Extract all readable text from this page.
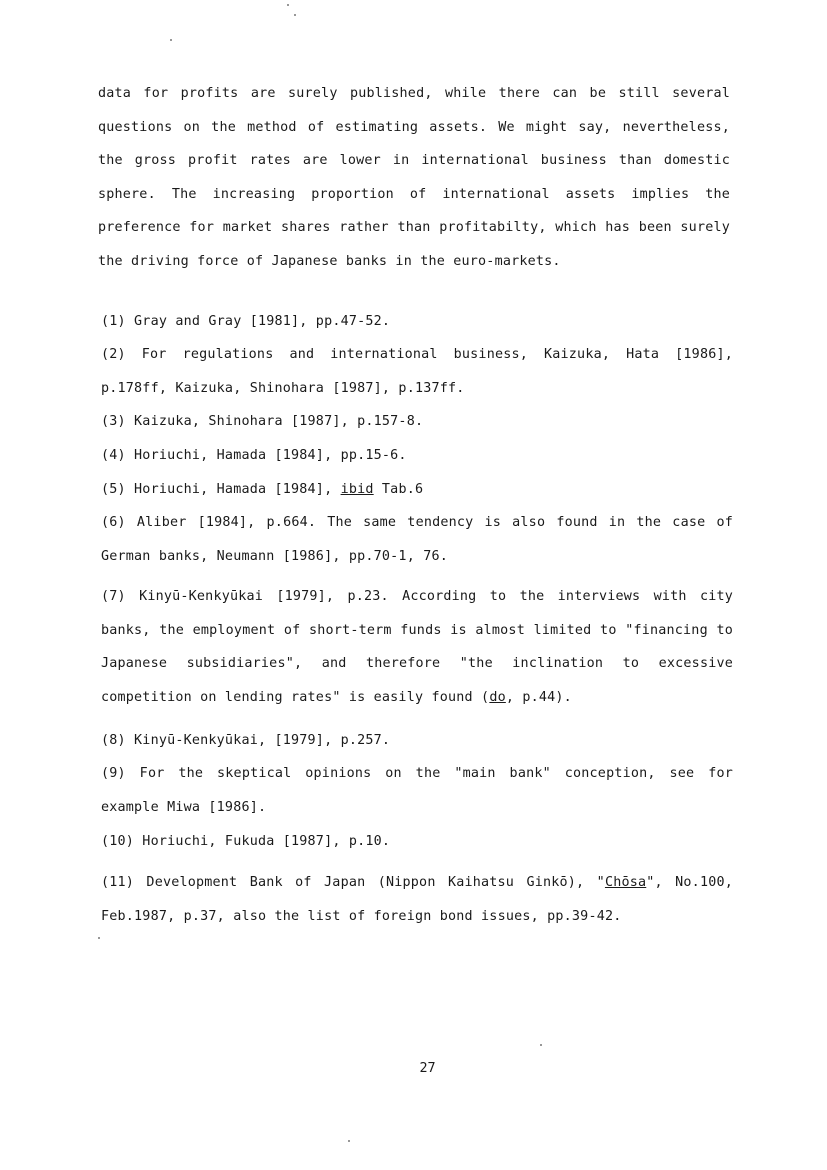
data for profits are surely published, while there can be still several questions on the method of estimating assets. We might say, nevertheless, the gross profit rates are lower in international business than domestic sphere. The increasing proportion of international assets implies the preference for market shares rather than profitabilty, which has been surely the driving force of Japanese banks in the euro-markets.

(1) Gray and Gray [1981], pp.47-52.

(2) For regulations and international business, Kaizuka, Hata [1986], p.178ff, Kaizuka, Shinohara [1987], p.137ff.

(3) Kaizuka, Shinohara [1987], p.157-8.

(4) Horiuchi, Hamada [1984], pp.15-6.

(5) Horiuchi, Hamada [1984], ibid Tab.6

(6) Aliber [1984], p.664. The same tendency is also found in the case of German banks, Neumann [1986], pp.70-1, 76.

(7) Kinyū-Kenkyūkai [1979], p.23. According to the interviews with city banks, the employment of short-term funds is almost limited to "financing to Japanese subsidiaries", and therefore "the inclination to excessive competition on lending rates" is easily found (do, p.44).

(8) Kinyū-Kenkyūkai, [1979], p.257.

(9) For the skeptical opinions on the "main bank" conception, see for example Miwa [1986].

(10) Horiuchi, Fukuda [1987], p.10.

(11) Development Bank of Japan (Nippon Kaihatsu Ginkō), "Chōsa", No.100, Feb.1987, p.37, also the list of foreign bond issues, pp.39-42.

27
